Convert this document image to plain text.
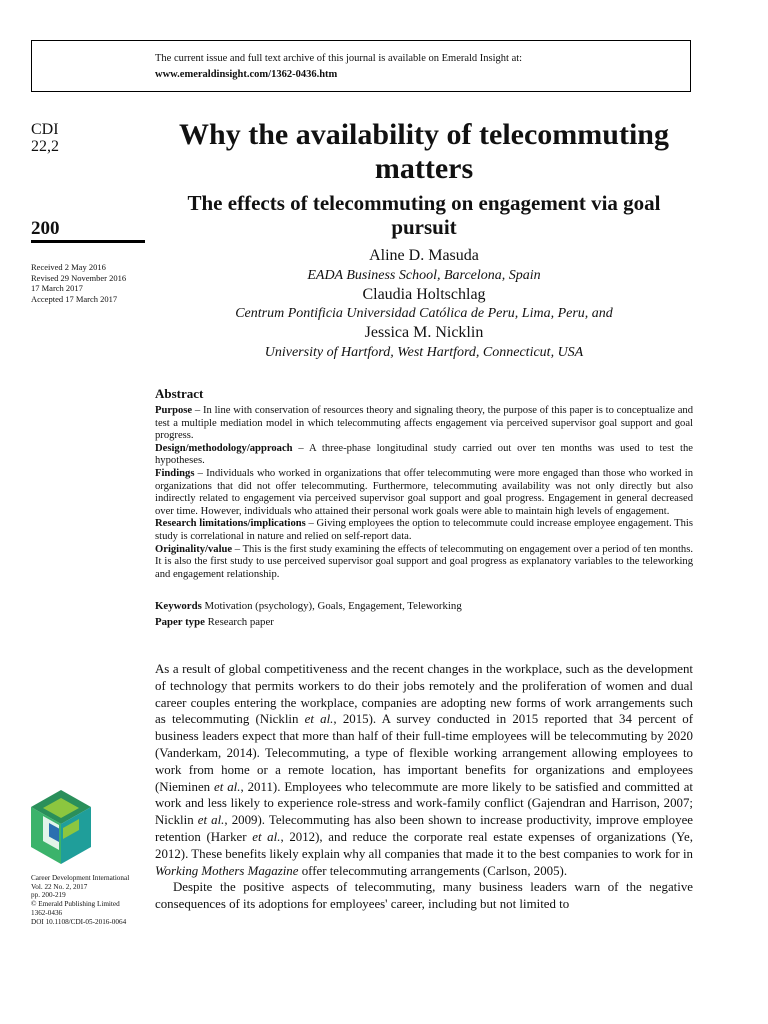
The current issue and full text archive of this journal is available on Emerald Insight at:
www.emeraldinsight.com/1362-0436.htm
CDI
22,2
200
Received 2 May 2016
Revised 29 November 2016
17 March 2017
Accepted 17 March 2017
Why the availability of telecommuting matters
The effects of telecommuting on engagement via goal pursuit
Aline D. Masuda
EADA Business School, Barcelona, Spain
Claudia Holtschlag
Centrum Pontificia Universidad Católica de Peru, Lima, Peru, and
Jessica M. Nicklin
University of Hartford, West Hartford, Connecticut, USA
Abstract

Purpose – In line with conservation of resources theory and signaling theory, the purpose of this paper is to conceptualize and test a multiple mediation model in which telecommuting affects engagement via perceived supervisor goal support and goal progress.

Design/methodology/approach – A three-phase longitudinal study carried out over ten months was used to test the hypotheses.

Findings – Individuals who worked in organizations that offer telecommuting were more engaged than those who worked in organizations that did not offer telecommuting. Furthermore, telecommuting availability was not only directly but also indirectly related to engagement via perceived supervisor goal support and goal progress. Engagement in general decreased over time. However, individuals who attained their personal work goals were able to maintain high levels of engagement.

Research limitations/implications – Giving employees the option to telecommute could increase employee engagement. This study is correlational in nature and relied on self-report data.

Originality/value – This is the first study examining the effects of telecommuting on engagement over a period of ten months. It is also the first study to use perceived supervisor goal support and goal progress as explanatory variables to the teleworking and engagement relationship.

Keywords Motivation (psychology), Goals, Engagement, Teleworking
Paper type Research paper

As a result of global competitiveness and the recent changes in the workplace, such as the development of technology that permits workers to do their jobs remotely and the proliferation of women and dual career couples entering the workplace, companies are adopting new forms of work arrangements such as telecommuting (Nicklin et al., 2015). A survey conducted in 2015 reported that 34 percent of business leaders expect that more than half of their full-time employees will be telecommuting by 2020 (Vanderkam, 2014). Telecommuting, a type of flexible working arrangement allowing employees to work from home or a remote location, has important benefits for organizations and employees (Nieminen et al., 2011). Employees who telecommute are more likely to be satisfied and committed at work and less likely to experience role-stress and work-family conflict (Gajendran and Harrison, 2007; Nicklin et al., 2009). Telecommuting has also been shown to increase productivity, improve employee retention (Harker et al., 2012), and reduce the corporate real estate expenses of organizations (Ye, 2012). These benefits likely explain why all companies that made it to the best companies to work for in Working Mothers Magazine offer telecommuting arrangements (Carlson, 2005).

Despite the positive aspects of telecommuting, many business leaders warn of the negative consequences of its adoptions for employees' career, including but not limited to

Career Development International
Vol. 22 No. 2, 2017
pp. 200-219
© Emerald Publishing Limited
1362-0436
DOI 10.1108/CDI-05-2016-0064
